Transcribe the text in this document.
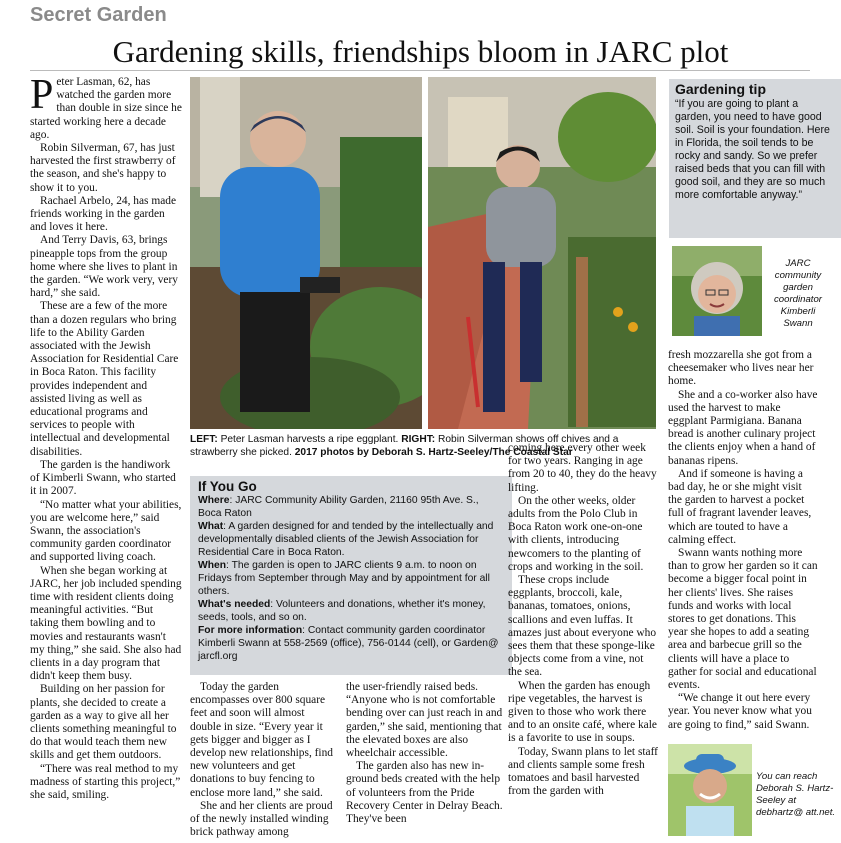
Secret Garden
Gardening skills, friendships bloom in JARC plot

Peter Lasman, 62, has watched the garden more than double in size since he started working here a decade ago.

Robin Silverman, 67, has just harvested the first strawberry of the season, and she's happy to show it to you.

Rachael Arbelo, 24, has made friends working in the garden and loves it here.

And Terry Davis, 63, brings pineapple tops from the group home where she lives to plant in the garden. “We work very, very hard,” she said.

These are a few of the more than a dozen regulars who bring life to the Ability Garden associated with the Jewish Association for Residential Care in Boca Raton. This facility provides independent and assisted living as well as educational programs and services to people with intellectual and developmental disabilities.

The garden is the handiwork of Kimberli Swann, who started it in 2007.

“No matter what your abilities, you are welcome here,” said Swann, the association's community garden coordinator and supported living coach.

When she began working at JARC, her job included spending time with resident clients doing meaningful activities. “But taking them bowling and to movies and restaurants wasn't my thing,” she said. She also had clients in a day program that didn't keep them busy.

Building on her passion for plants, she decided to create a garden as a way to give all her clients something meaningful to do that would teach them new skills and get them outdoors.

“There was real method to my madness of starting this project,” she said, smiling.

LEFT: Peter Lasman harvests a ripe eggplant. RIGHT: Robin Silverman shows off chives and a strawberry she picked. 2017 photos by Deborah S. Hartz-Seeley/The Coastal Star
If You Go

Where: JARC Community Ability Garden, 21160 95th Ave. S., Boca Raton

What: A garden designed for and tended by the intellectually and developmentally disabled clients of the Jewish Association for Residential Care in Boca Raton.

When: The garden is open to JARC clients 9 a.m. to noon on Fridays from September through May and by appointment for all others.

What's needed: Volunteers and donations, whether it's money, seeds, tools, and so on.

For more information: Contact community garden coordinator Kimberli Swann at 558-2569 (office), 756-0144 (cell), or Garden@ jarcfl.org

Today the garden encompasses over 800 square feet and soon will almost double in size. “Every year it gets bigger and bigger as I develop new relationships, find new volunteers and get donations to buy fencing to enclose more land,” she said.

She and her clients are proud of the newly installed winding brick pathway among

the user-friendly raised beds. “Anyone who is not comfortable bending over can just reach in and garden,” she said, mentioning that the elevated boxes are also wheelchair accessible.

The garden also has new in-ground beds created with the help of volunteers from the Pride Recovery Center in Delray Beach. They've been

coming here every other week for two years. Ranging in age from 20 to 40, they do the heavy lifting.

On the other weeks, older adults from the Polo Club in Boca Raton work one-on-one with clients, introducing newcomers to the planting of crops and working in the soil.

These crops include eggplants, broccoli, kale, bananas, tomatoes, onions, scallions and even luffas. It amazes just about everyone who sees them that these sponge-like objects come from a vine, not the sea.

When the garden has enough ripe vegetables, the harvest is given to those who work there and to an onsite café, where kale is a favorite to use in soups.

Today, Swann plans to let staff and clients sample some fresh tomatoes and basil harvested from the garden with

fresh mozzarella she got from a cheesemaker who lives near her home.

She and a co-worker also have used the harvest to make eggplant Parmigiana. Banana bread is another culinary project the clients enjoy when a hand of bananas ripens.

And if someone is having a bad day, he or she might visit the garden to harvest a pocket full of fragrant lavender leaves, which are touted to have a calming effect.

Swann wants nothing more than to grow her garden so it can become a bigger focal point in her clients' lives. She raises funds and works with local stores to get donations. This year she hopes to add a seating area and barbecue grill so the clients will have a place to gather for social and educational events.

“We change it out here every year. You never know what you are going to find,” said Swann.

Gardening tip
“If you are going to plant a garden, you need to have good soil. Soil is your foundation. Here in Florida, the soil tends to be rocky and sandy. So we prefer raised beds that you can fill with good soil, and they are so much more comfortable anyway.”
JARC community garden coordinator Kimberli Swann
You can reach Deborah S. Hartz-Seeley at debhartz@ att.net.
